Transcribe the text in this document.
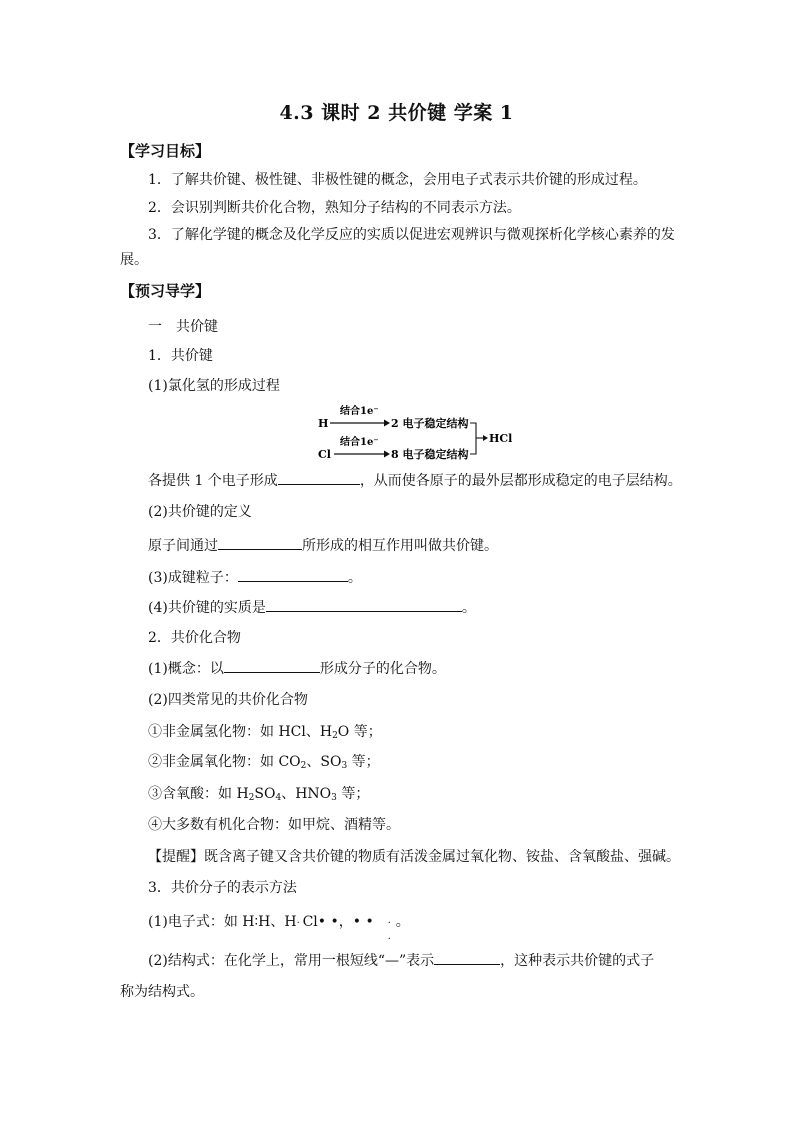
4.3 课时 2 共价键 学案 1
【学习目标】
1．了解共价键、极性键、非极性键的概念，会用电子式表示共价键的形成过程。
2．会识别判断共价化合物，熟知分子结构的不同表示方法。
3．了解化学键的概念及化学反应的实质以促进宏观辨识与微观探析化学核心素养的发
展。
【预习导学】
一　共价键
1．共价键
(1)氯化氢的形成过程
H
结合1e⁻
2 电子稳定结构
Cl
结合1e⁻
8 电子稳定结构
HCl
各提供 1 个电子形成	，从而使各原子的最外层都形成稳定的电子层结构。
(2)共价键的定义
原子间通过	所形成的相互作用叫做共价键。
(3)成键粒子：	。
(4)共价键的实质是	。
2．共价化合物
(1)概念：以	形成分子的化合物。
(2)四类常见的共价化合物
①非金属氢化物：如 HCl、$H_2O$ 等；
②非金属氧化物：如 $CO_2$、$SO_3$ 等；
③含氧酸：如 $H_2SO_4$、$HNO_3$ 等；
④大多数有机化合物：如甲烷、酒精等。
【提醒】既含离子键又含共价键的物质有活泼金属过氧化物、铵盐、含氧酸盐、强碱。
3．共价分子的表示方法
(1)电子式：如 H∶H、H · Cl• •，• • ·
·
。
(2)结构式：在化学上，常用一根短线“—”表示	，这种表示共价键的式子
称为结构式。
